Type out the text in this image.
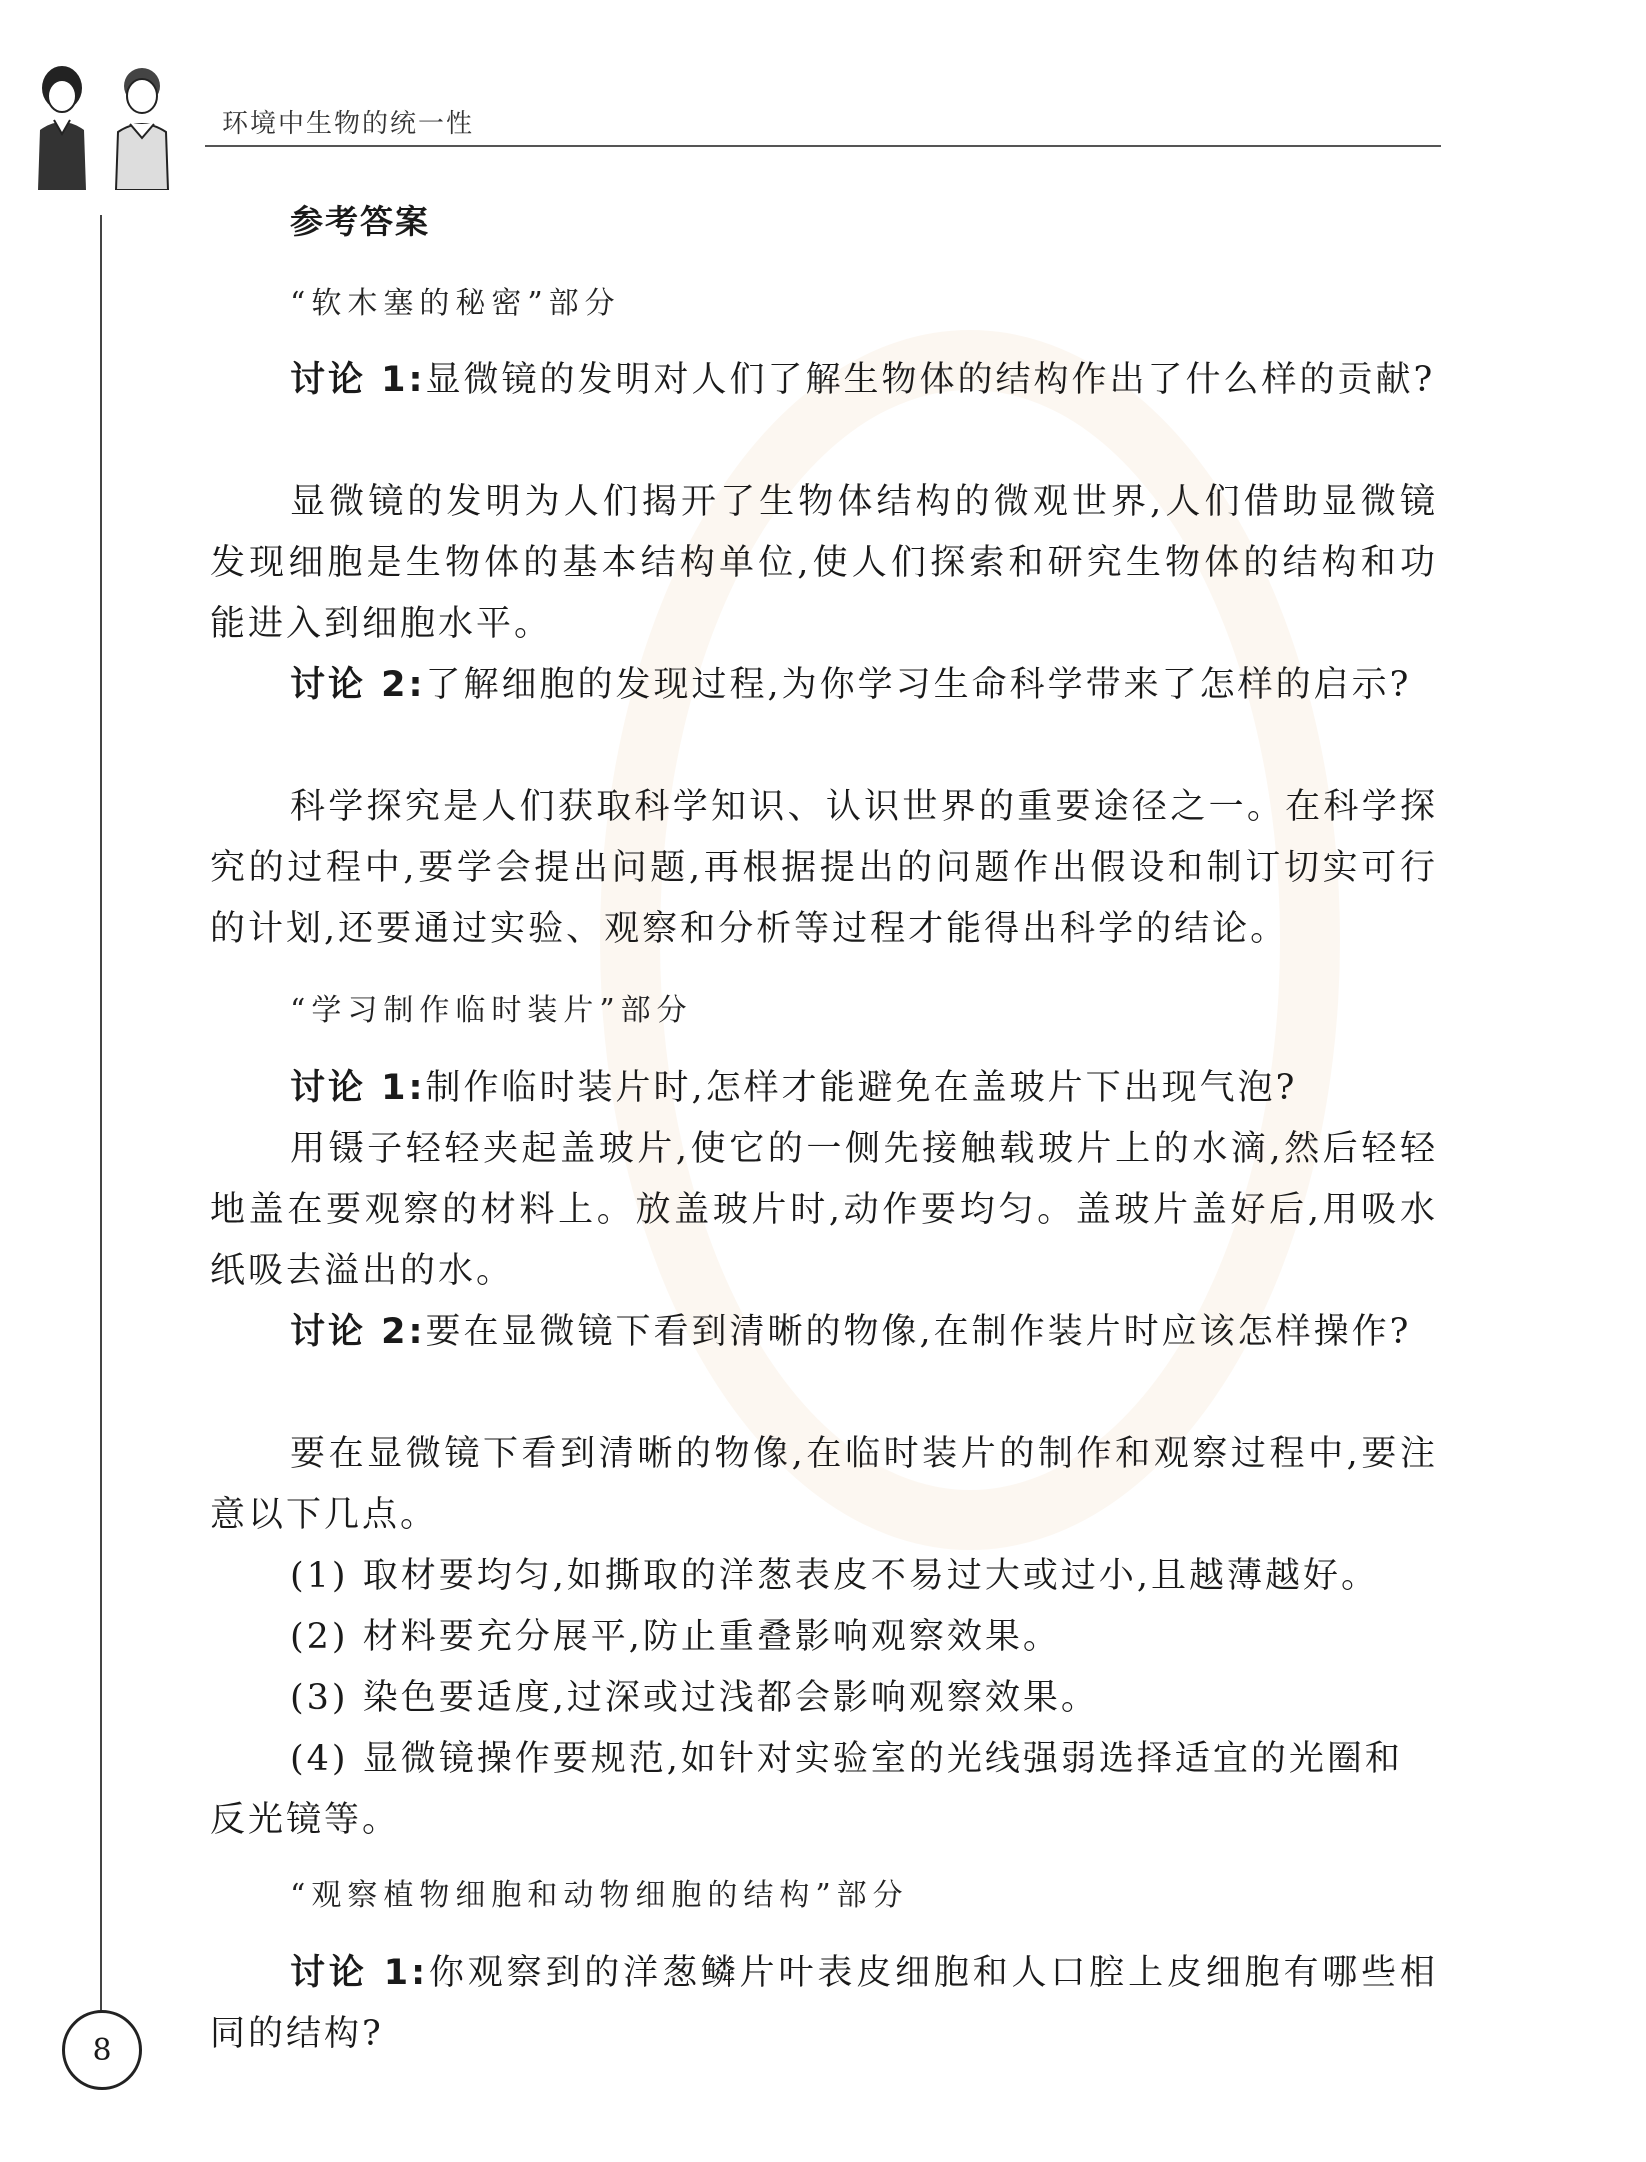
环境中生物的统一性
8
参考答案
“软木塞的秘密”部分
讨论 1:显微镜的发明对人们了解生物体的结构作出了什么样的贡献?
显微镜的发明为人们揭开了生物体结构的微观世界,人们借助显微镜发现细胞是生物体的基本结构单位,使人们探索和研究生物体的结构和功能进入到细胞水平。
讨论 2:了解细胞的发现过程,为你学习生命科学带来了怎样的启示?
科学探究是人们获取科学知识、认识世界的重要途径之一。在科学探究的过程中,要学会提出问题,再根据提出的问题作出假设和制订切实可行的计划,还要通过实验、观察和分析等过程才能得出科学的结论。
“学习制作临时装片”部分
讨论 1:制作临时装片时,怎样才能避免在盖玻片下出现气泡?
用镊子轻轻夹起盖玻片,使它的一侧先接触载玻片上的水滴,然后轻轻地盖在要观察的材料上。放盖玻片时,动作要均匀。盖玻片盖好后,用吸水纸吸去溢出的水。
讨论 2:要在显微镜下看到清晰的物像,在制作装片时应该怎样操作?
要在显微镜下看到清晰的物像,在临时装片的制作和观察过程中,要注意以下几点。
(1) 取材要均匀,如撕取的洋葱表皮不易过大或过小,且越薄越好。
(2) 材料要充分展平,防止重叠影响观察效果。
(3) 染色要适度,过深或过浅都会影响观察效果。
(4) 显微镜操作要规范,如针对实验室的光线强弱选择适宜的光圈和反光镜等。
“观察植物细胞和动物细胞的结构”部分
讨论 1:你观察到的洋葱鳞片叶表皮细胞和人口腔上皮细胞有哪些相同的结构?
